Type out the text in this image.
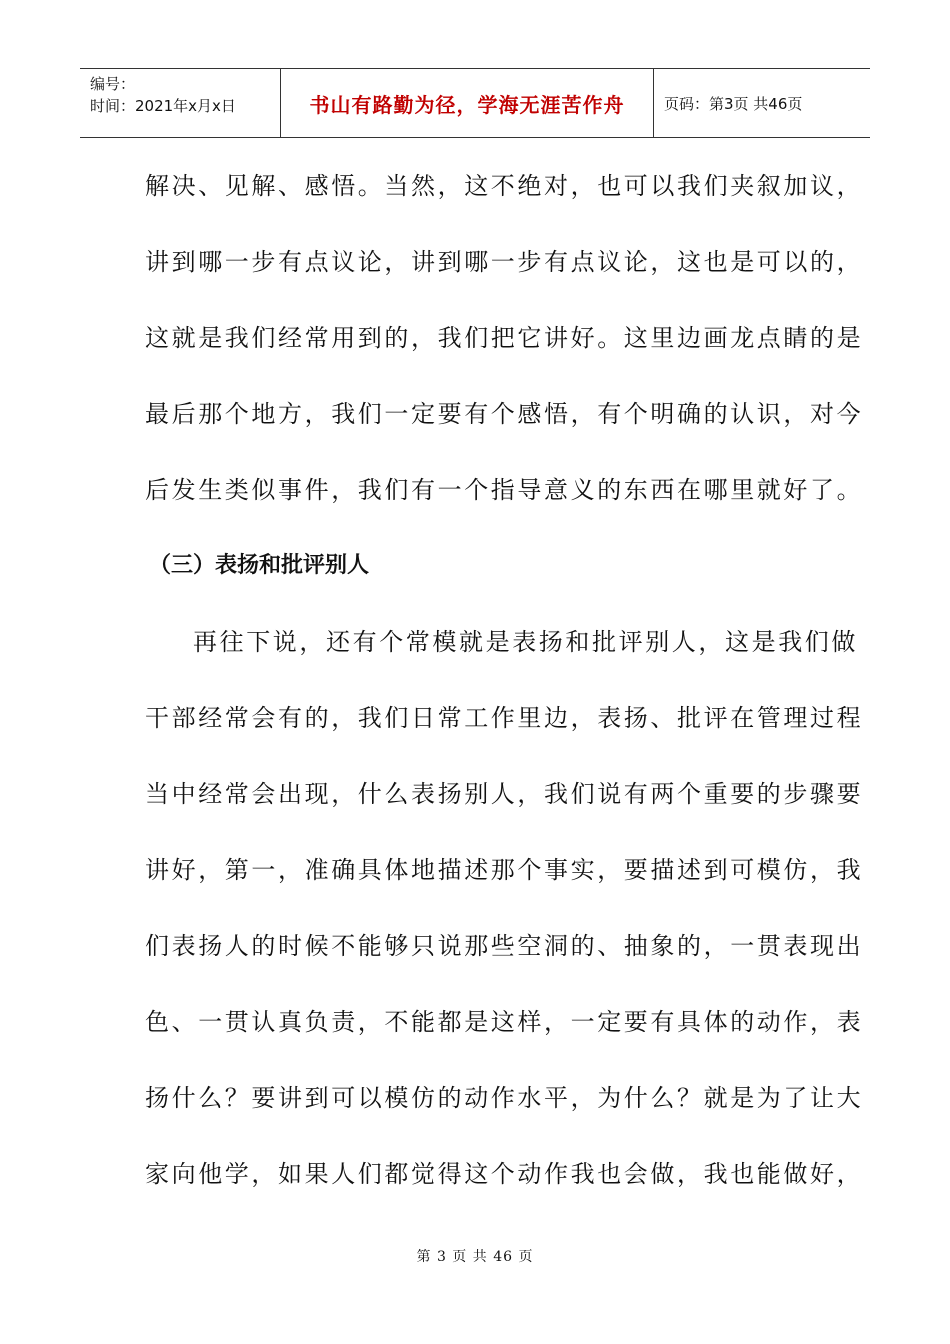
编号：
时间：2021年x月x日	书山有路勤为径，学海无涯苦作舟	页码：第3页 共46页
解决、见解、感悟。当然，这不绝对，也可以我们夹叙加议，
讲到哪一步有点议论，讲到哪一步有点议论，这也是可以的，
这就是我们经常用到的，我们把它讲好。这里边画龙点睛的是
最后那个地方，我们一定要有个感悟，有个明确的认识，对今
后发生类似事件，我们有一个指导意义的东西在哪里就好了。
（三）表扬和批评别人
再往下说，还有个常模就是表扬和批评别人，这是我们做
干部经常会有的，我们日常工作里边，表扬、批评在管理过程
当中经常会出现，什么表扬别人，我们说有两个重要的步骤要
讲好，第一，准确具体地描述那个事实，要描述到可模仿，我
们表扬人的时候不能够只说那些空洞的、抽象的，一贯表现出
色、一贯认真负责，不能都是这样，一定要有具体的动作，表
扬什么？要讲到可以模仿的动作水平，为什么？就是为了让大
家向他学，如果人们都觉得这个动作我也会做，我也能做好，
第 3 页 共 46 页
